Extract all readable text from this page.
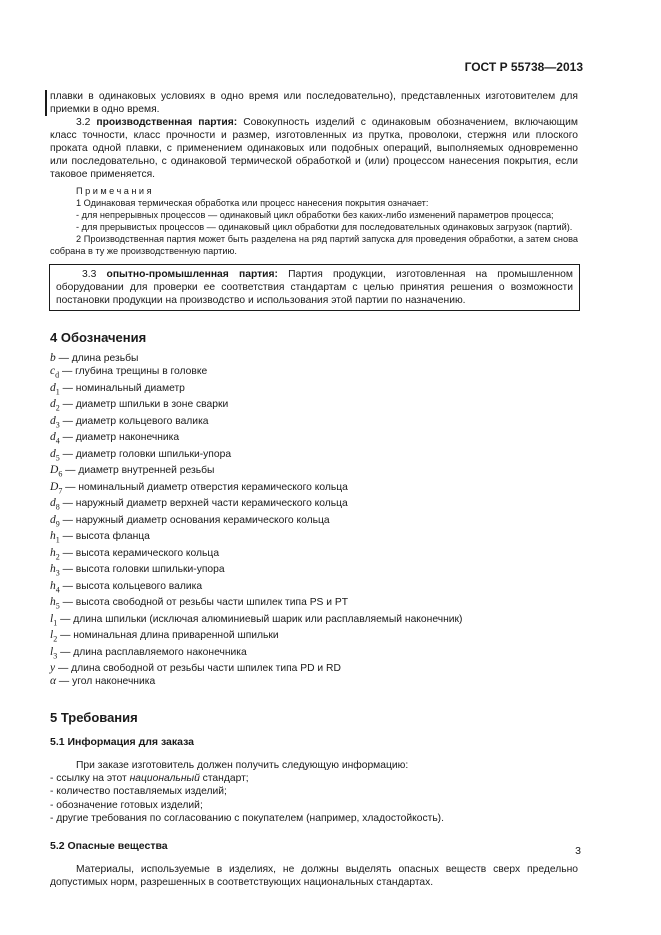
ГОСТ Р 55738—2013

плавки в одинаковых условиях в одно время или последовательно), представленных изготовителем для приемки в одно время.

3.2 производственная партия: Совокупность изделий с одинаковым обозначением, включающим класс точности, класс прочности и размер, изготовленных из прутка, проволоки, стержня или плоского проката одной плавки, с применением одинаковых или подобных операций, выполняемых одновременно или последовательно, с одинаковой термической обработкой и (или) процессом нанесения покрытия, если таковое применяется.

Примечания

1 Одинаковая термическая обработка или процесс нанесения покрытия означает:

- для непрерывных процессов — одинаковый цикл обработки без каких-либо изменений параметров процесса;

- для прерывистых процессов — одинаковый цикл обработки для последовательных одинаковых загрузок (партий).

2 Производственная партия может быть разделена на ряд партий запуска для проведения обработки, а затем снова собрана в ту же производственную партию.

3.3 опытно-промышленная партия: Партия продукции, изготовленная на промышленном оборудовании для проверки ее соответствия стандартам с целью принятия решения о возможности постановки продукции на производство и использования этой партии по назначению.

4 Обозначения
b — длина резьбы
$c_d$ — глубина трещины в головке
$d_1$ — номинальный диаметр
$d_2$ — диаметр шпильки в зоне сварки
$d_3$ — диаметр кольцевого валика
$d_4$ — диаметр наконечника
$d_5$ — диаметр головки шпильки-упора
$D_6$ — диаметр внутренней резьбы
$D_7$ — номинальный диаметр отверстия керамического кольца
$d_8$ — наружный диаметр верхней части керамического кольца
$d_9$ — наружный диаметр основания керамического кольца
$h_1$ — высота фланца
$h_2$ — высота керамического кольца
$h_3$ — высота головки шпильки-упора
$h_4$ — высота кольцевого валика
$h_5$ — высота свободной от резьбы части шпилек типа PS и PT
$l_1$ — длина шпильки (исключая алюминиевый шарик или расплавляемый наконечник)
$l_2$ — номинальная длина приваренной шпильки
$l_3$ — длина расплавляемого наконечника
y — длина свободной от резьбы части шпилек типа PD и RD
α — угол наконечника
5 Требования
5.1 Информация для заказа

При заказе изготовитель должен получить следующую информацию:

- ссылку на этот национальный стандарт;
- количество поставляемых изделий;
- обозначение готовых изделий;
- другие требования по согласованию с покупателем (например, хладостойкость).
5.2 Опасные вещества

Материалы, используемые в изделиях, не должны выделять опасных веществ сверх предельно допустимых норм, разрешенных в соответствующих национальных стандартах.

3
